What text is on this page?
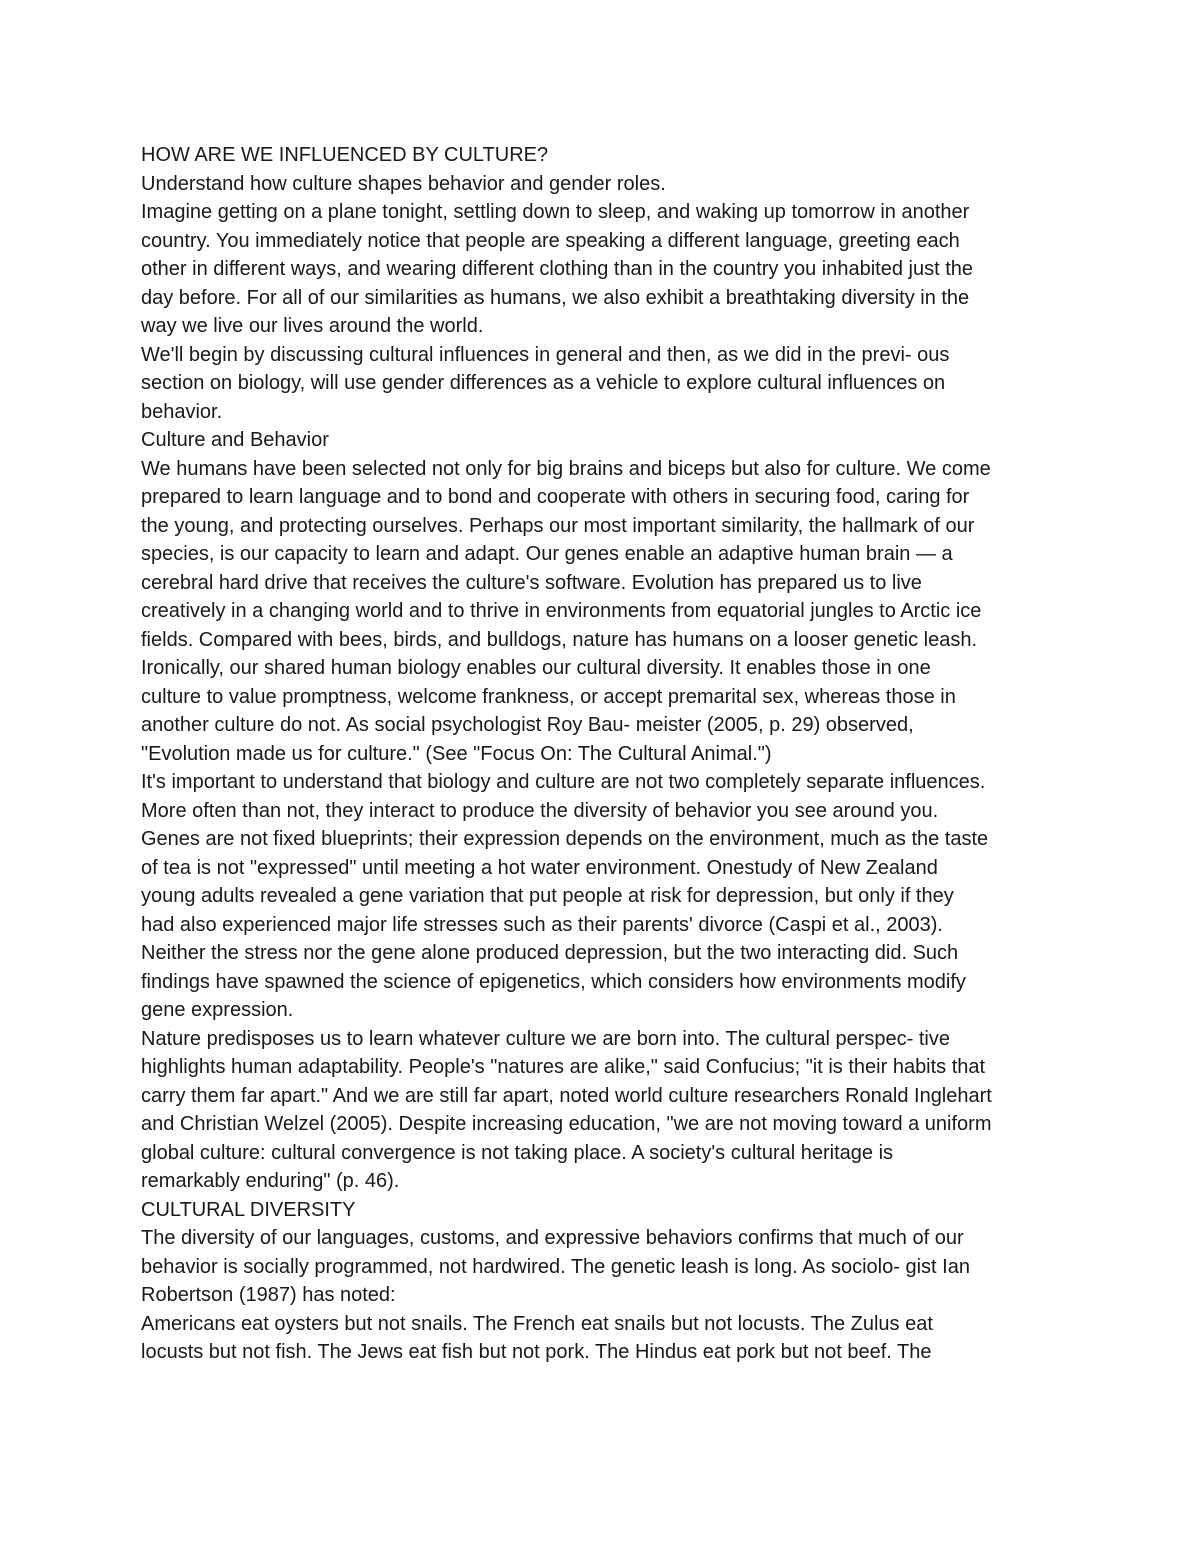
HOW ARE WE INFLUENCED BY CULTURE?

Understand how culture shapes behavior and gender roles.

Imagine getting on a plane tonight, settling down to sleep, and waking up tomorrow in another
country. You immediately notice that people are speaking a different language, greeting each
other in different ways, and wearing different clothing than in the country you inhabited just the
day before. For all of our similarities as humans, we also exhibit a breathtaking diversity in the
way we live our lives around the world.

We'll begin by discussing cultural influences in general and then, as we did in the previ- ous
section on biology, will use gender differences as a vehicle to explore cultural influences on
behavior.

Culture and Behavior

We humans have been selected not only for big brains and biceps but also for culture. We come
prepared to learn language and to bond and cooperate with others in securing food, caring for
the young, and protecting ourselves. Perhaps our most important similarity, the hallmark of our
species, is our capacity to learn and adapt. Our genes enable an adaptive human brain — a
cerebral hard drive that receives the culture's software. Evolution has prepared us to live
creatively in a changing world and to thrive in environments from equatorial jungles to Arctic ice
fields. Compared with bees, birds, and bulldogs, nature has humans on a looser genetic leash.
Ironically, our shared human biology enables our cultural diversity. It enables those in one
culture to value promptness, welcome frankness, or accept premarital sex, whereas those in
another culture do not. As social psychologist Roy Bau- meister (2005, p. 29) observed,
"Evolution made us for culture." (See "Focus On: The Cultural Animal.")

It's important to understand that biology and culture are not two completely separate influences.
More often than not, they interact to produce the diversity of behavior you see around you.
Genes are not fixed blueprints; their expression depends on the environment, much as the taste
of tea is not "expressed" until meeting a hot water environment. Onestudy of New Zealand
young adults revealed a gene variation that put people at risk for depression, but only if they
had also experienced major life stresses such as their parents' divorce (Caspi et al., 2003).
Neither the stress nor the gene alone produced depression, but the two interacting did. Such
findings have spawned the science of epigenetics, which considers how environments modify
gene expression.

Nature predisposes us to learn whatever culture we are born into. The cultural perspec- tive
highlights human adaptability. People's "natures are alike," said Confucius; "it is their habits that
carry them far apart." And we are still far apart, noted world culture researchers Ronald Inglehart
and Christian Welzel (2005). Despite increasing education, "we are not moving toward a uniform
global culture: cultural convergence is not taking place. A society's cultural heritage is
remarkably enduring" (p. 46).

CULTURAL DIVERSITY

The diversity of our languages, customs, and expressive behaviors confirms that much of our
behavior is socially programmed, not hardwired. The genetic leash is long. As sociolo- gist Ian
Robertson (1987) has noted:

Americans eat oysters but not snails. The French eat snails but not locusts. The Zulus eat
locusts but not fish. The Jews eat fish but not pork. The Hindus eat pork but not beef. The
